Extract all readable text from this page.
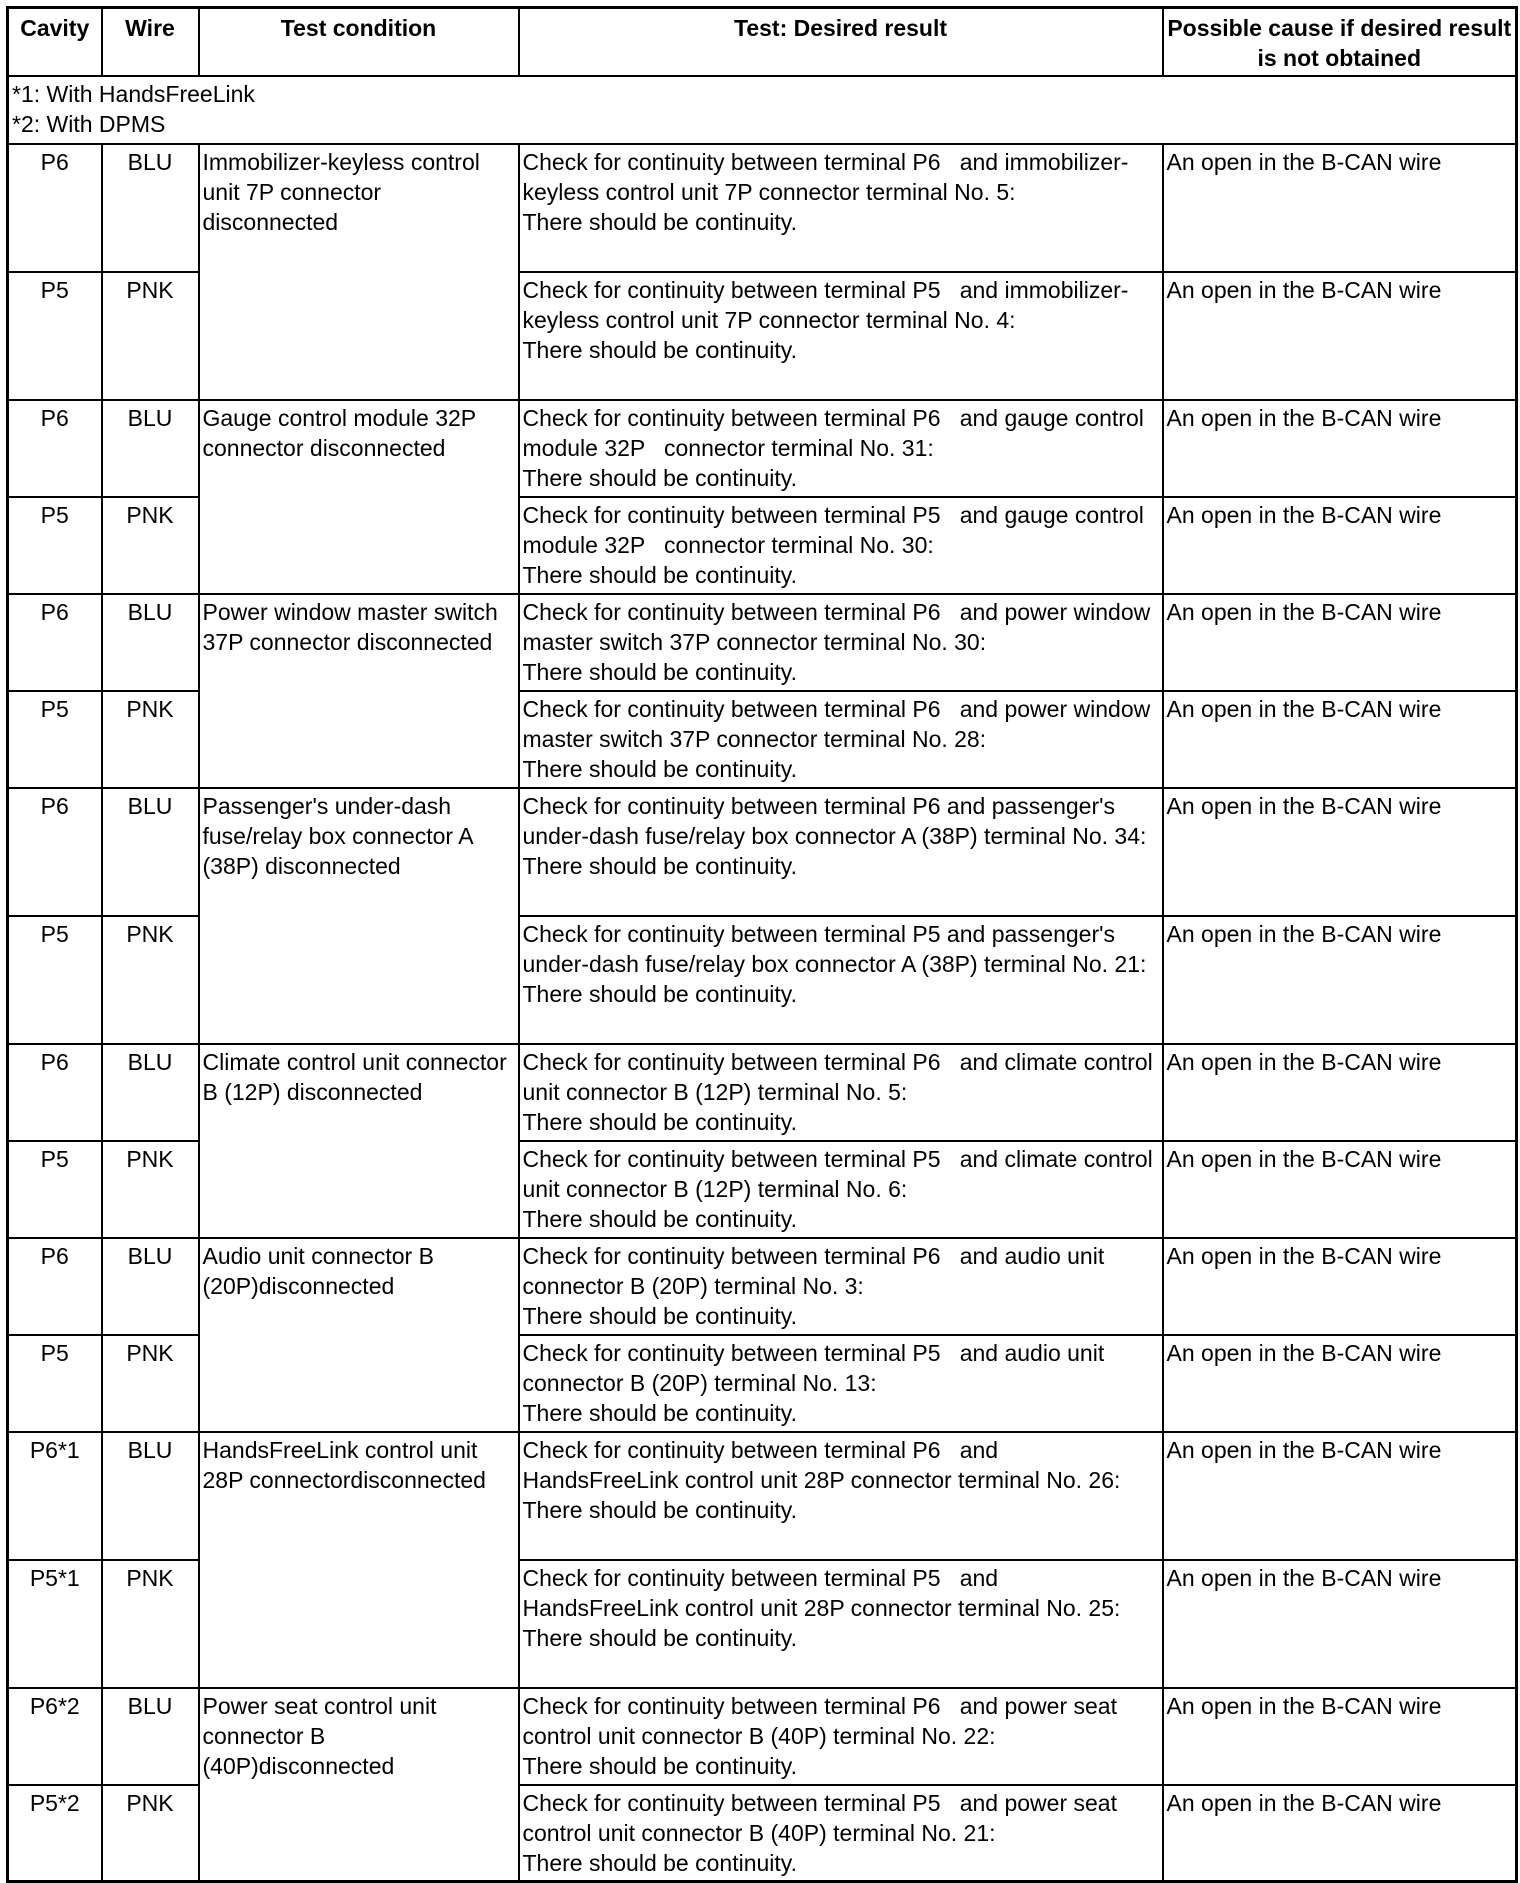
Cavity	Wire	Test condition	Test: Desired result	Possible cause if desired result is not obtained
*1: With HandsFreeLink
*2: With DPMS				
P6	BLU	Immobilizer-keyless control unit 7P connector disconnected	Check for continuity between terminal P6   and immobilizer-keyless control unit 7P connector terminal No. 5:
There should be continuity.	An open in the B-CAN wire
P5	PNK		Check for continuity between terminal P5   and immobilizer-keyless control unit 7P connector terminal No. 4:
There should be continuity.	An open in the B-CAN wire
P6	BLU	Gauge control module 32P connector disconnected	Check for continuity between terminal P6   and gauge control module 32P   connector terminal No. 31:
There should be continuity.	An open in the B-CAN wire
P5	PNK		Check for continuity between terminal P5   and gauge control module 32P   connector terminal No. 30:
There should be continuity.	An open in the B-CAN wire
P6	BLU	Power window master switch 37P connector disconnected	Check for continuity between terminal P6   and power window master switch 37P connector terminal No. 30:
There should be continuity.	An open in the B-CAN wire
P5	PNK		Check for continuity between terminal P6   and power window master switch 37P connector terminal No. 28:
There should be continuity.	An open in the B-CAN wire
P6	BLU	Passenger's under-dash fuse/relay box connector A (38P) disconnected	Check for continuity between terminal P6 and passenger's under-dash fuse/relay box connector A (38P) terminal No. 34:
There should be continuity.	An open in the B-CAN wire
P5	PNK		Check for continuity between terminal P5 and passenger's under-dash fuse/relay box connector A (38P) terminal No. 21:
There should be continuity.	An open in the B-CAN wire
P6	BLU	Climate control unit connector B (12P) disconnected	Check for continuity between terminal P6   and climate control unit connector B (12P) terminal No. 5:
There should be continuity.	An open in the B-CAN wire
P5	PNK		Check for continuity between terminal P5   and climate control unit connector B (12P) terminal No. 6:
There should be continuity.	An open in the B-CAN wire
P6	BLU	Audio unit connector B (20P)disconnected	Check for continuity between terminal P6   and audio unit connector B (20P) terminal No. 3:
There should be continuity.	An open in the B-CAN wire
P5	PNK		Check for continuity between terminal P5   and audio unit connector B (20P) terminal No. 13:
There should be continuity.	An open in the B-CAN wire
P6*1	BLU	HandsFreeLink control unit 28P connectordisconnected	Check for continuity between terminal P6   and HandsFreeLink control unit 28P connector terminal No. 26:
There should be continuity.	An open in the B-CAN wire
P5*1	PNK		Check for continuity between terminal P5   and HandsFreeLink control unit 28P connector terminal No. 25:
There should be continuity.	An open in the B-CAN wire
P6*2	BLU	Power seat control unit connector B (40P)disconnected	Check for continuity between terminal P6   and power seat control unit connector B (40P) terminal No. 22:
There should be continuity.	An open in the B-CAN wire
P5*2	PNK		Check for continuity between terminal P5   and power seat control unit connector B (40P) terminal No. 21:
There should be continuity.	An open in the B-CAN wire
